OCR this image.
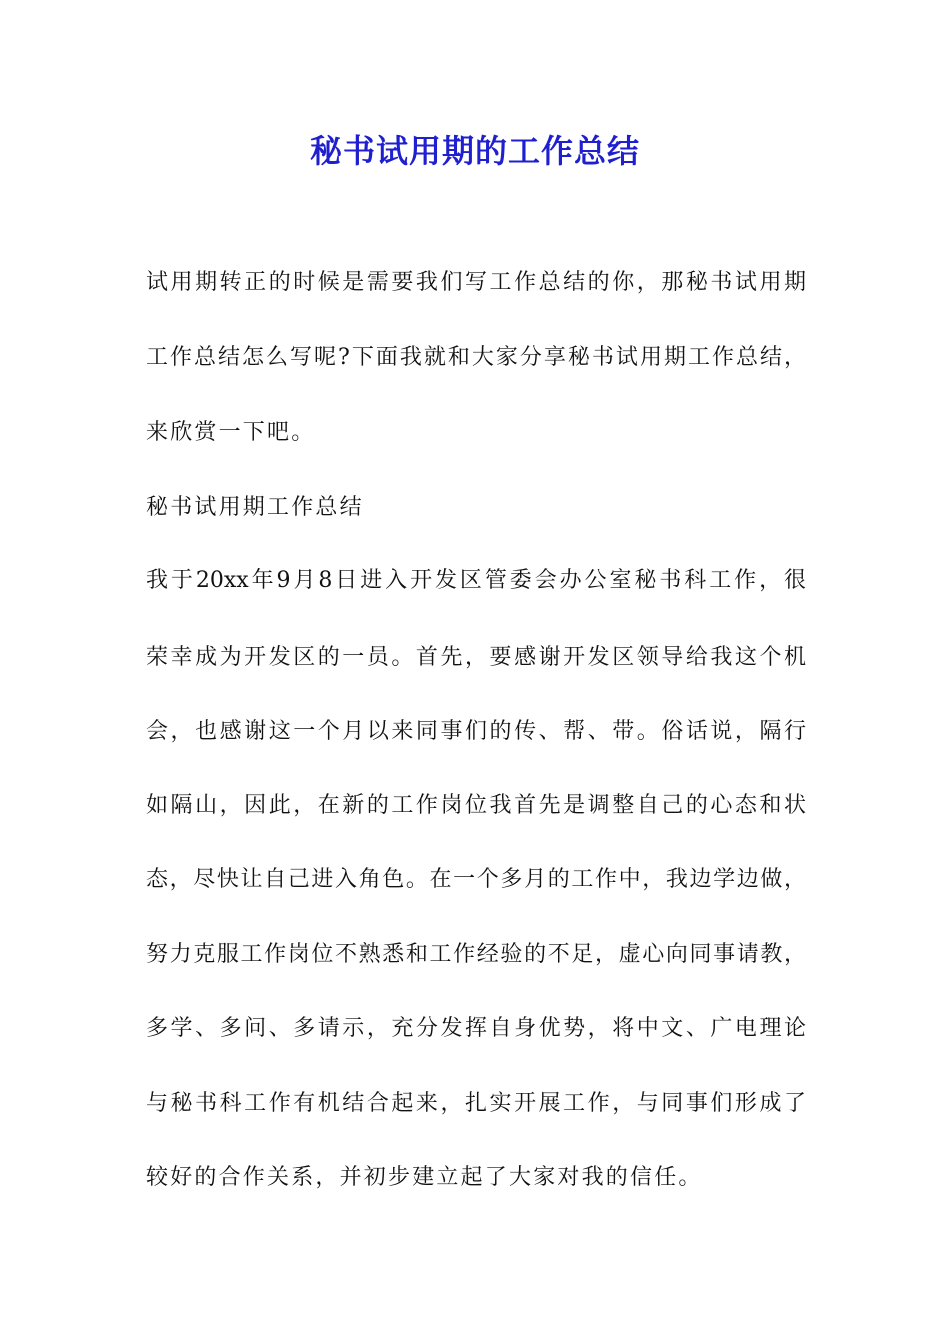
秘书试用期的工作总结
试用期转正的时候是需要我们写工作总结的你，那秘书试用期
工作总结怎么写呢?下面我就和大家分享秘书试用期工作总结，
来欣赏一下吧。
秘书试用期工作总结
我于20xx年9月8日进入开发区管委会办公室秘书科工作，很
荣幸成为开发区的一员。首先，要感谢开发区领导给我这个机
会，也感谢这一个月以来同事们的传、帮、带。俗话说，隔行
如隔山，因此，在新的工作岗位我首先是调整自己的心态和状
态，尽快让自己进入角色。在一个多月的工作中，我边学边做，
努力克服工作岗位不熟悉和工作经验的不足，虚心向同事请教，
多学、多问、多请示，充分发挥自身优势，将中文、广电理论
与秘书科工作有机结合起来，扎实开展工作，与同事们形成了
较好的合作关系，并初步建立起了大家对我的信任。
